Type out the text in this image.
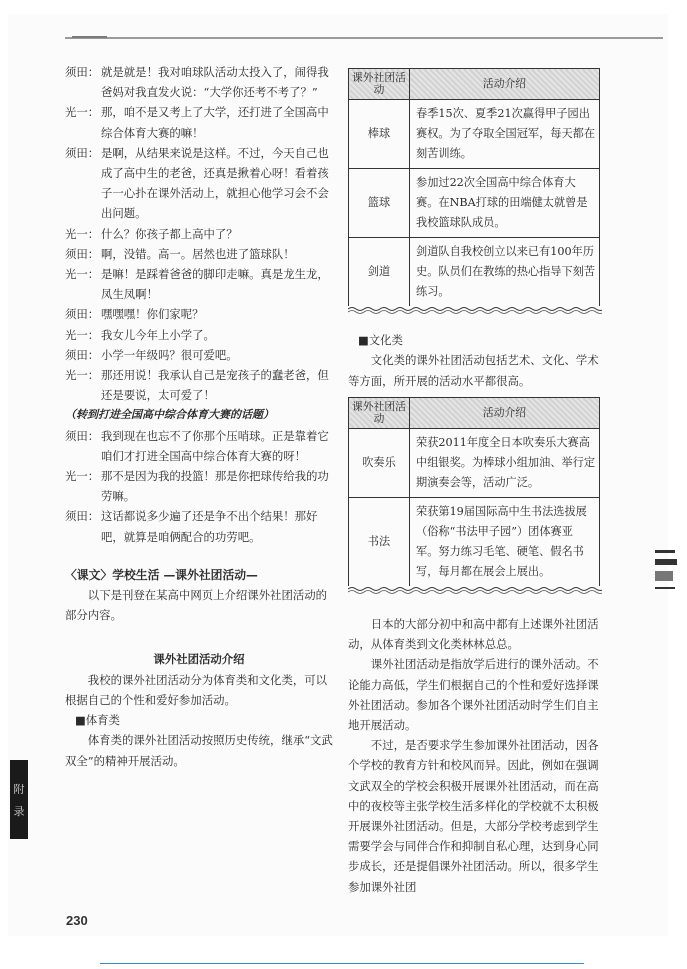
须田： 就是就是！我对咱球队活动太投入了，闹得我爸妈对我直发火说：“大学你还考不考了？”
光一： 那，咱不是又考上了大学，还打进了全国高中综合体育大赛的嘛！
须田： 是啊，从结果来说是这样。不过，今天自己也成了高中生的老爸，还真是揪着心呀！看着孩子一心扑在课外活动上，就担心他学习会不会出问题。
光一： 什么？你孩子都上高中了？
须田： 啊，没错。高一。居然也进了篮球队！
光一： 是嘛！是踩着爸爸的脚印走嘛。真是龙生龙，凤生凤啊！
须田： 嘿嘿嘿！你们家呢？
光一： 我女儿今年上小学了。
须田： 小学一年级吗？很可爱吧。
光一： 那还用说！我承认自己是宠孩子的蠢老爸，但还是要说，太可爱了！
（转到打进全国高中综合体育大赛的话题）
须田： 我到现在也忘不了你那个压哨球。正是靠着它咱们才打进全国高中综合体育大赛的呀！
光一： 那不是因为我的投篮！那是你把球传给我的功劳嘛。
须田： 这话都说多少遍了还是争不出个结果！那好吧，就算是咱俩配合的功劳吧。
〈课文〉学校生活 —课外社团活动—

以下是刊登在某高中网页上介绍课外社团活动的部分内容。

课外社团活动介绍

我校的课外社团活动分为体育类和文化类，可以根据自己的个性和爱好参加活动。

■ 体育类

体育类的课外社团活动按照历史传统，继承“文武双全”的精神开展活动。

课外社团活动	活动介绍
棒球	春季15次、夏季21次赢得甲子园出赛权。为了夺取全国冠军，每天都在刻苦训练。
篮球	参加过22次全国高中综合体育大赛。在NBA打球的田端健太就曾是我校篮球队成员。
剑道	剑道队自我校创立以来已有100年历史。队员们在教练的热心指导下刻苦练习。
■ 文化类

文化类的课外社团活动包括艺术、文化、学术等方面，所开展的活动水平都很高。

课外社团活动	活动介绍
吹奏乐	荣获2011年度全日本吹奏乐大赛高中组银奖。为棒球小组加油、举行定期演奏会等，活动广泛。
书法	荣获第19届国际高中生书法选拔展（俗称“书法甲子园”）团体赛亚军。努力练习毛笔、硬笔、假名书写，每月都在展会上展出。

日本的大部分初中和高中都有上述课外社团活动，从体育类到文化类林林总总。

课外社团活动是指放学后进行的课外活动。不论能力高低，学生们根据自己的个性和爱好选择课外社团活动。参加各个课外社团活动时学生们自主地开展活动。

不过，是否要求学生参加课外社团活动，因各个学校的教育方针和校风而异。因此，例如在强调文武双全的学校会积极开展课外社团活动，而在高中的夜校等主张学校生活多样化的学校就不太积极开展课外社团活动。但是，大部分学校考虑到学生需要学会与同伴合作和抑制自私心理，达到身心同步成长，还是提倡课外社团活动。所以，很多学生参加课外社团

附
录
230
